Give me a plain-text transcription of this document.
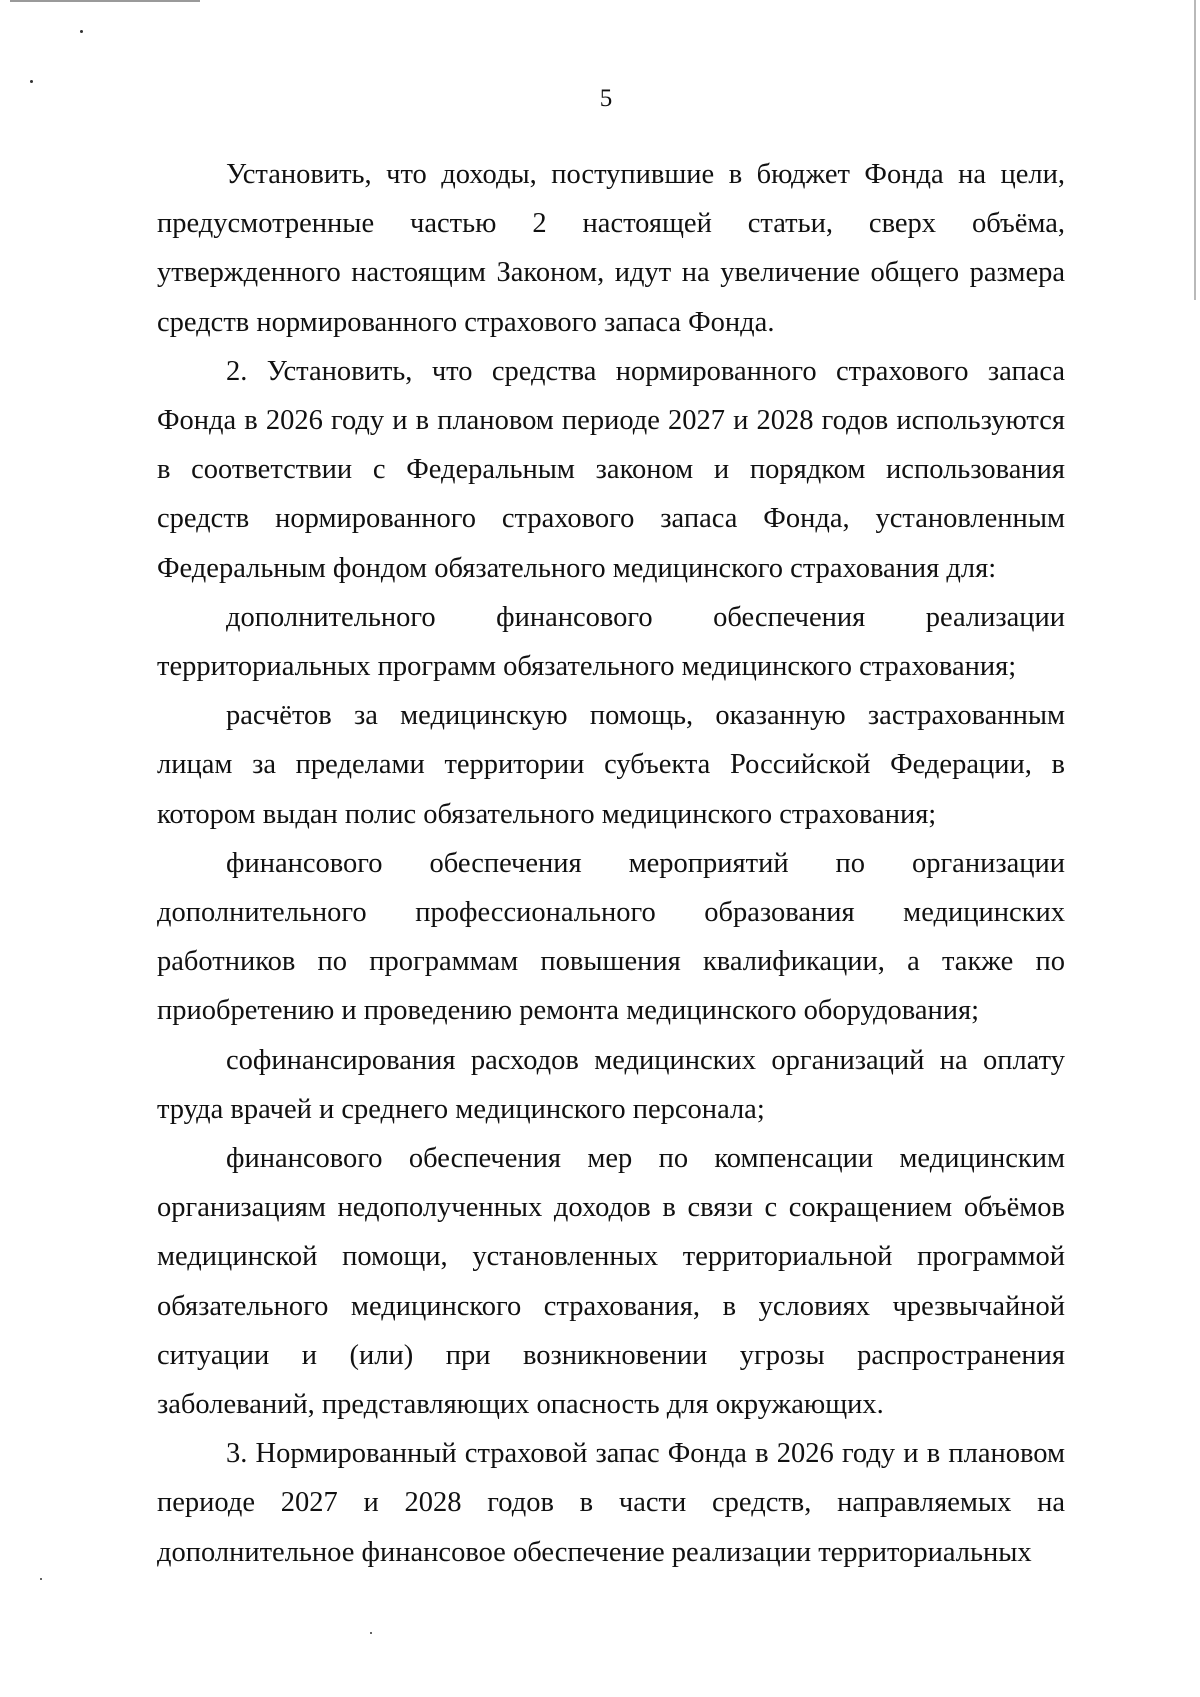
5

Установить, что доходы, поступившие в бюджет Фонда на цели, предусмотренные частью 2 настоящей статьи, сверх объёма, утвержденного настоящим Законом, идут на увеличение общего размера средств нормированного страхового запаса Фонда.

2. Установить, что средства нормированного страхового запаса Фонда в 2026 году и в плановом периоде 2027 и 2028 годов используются в соответствии с Федеральным законом и порядком использования средств нормированного страхового запаса Фонда, установленным Федеральным фондом обязательного медицинского страхования для:

дополнительного финансового обеспечения реализации территориальных программ обязательного медицинского страхования;

расчётов за медицинскую помощь, оказанную застрахованным лицам за пределами территории субъекта Российской Федерации, в котором выдан полис обязательного медицинского страхования;

финансового обеспечения мероприятий по организации дополнительного профессионального образования медицинских работников по программам повышения квалификации, а также по приобретению и проведению ремонта медицинского оборудования;

софинансирования расходов медицинских организаций на оплату труда врачей и среднего медицинского персонала;

финансового обеспечения мер по компенсации медицинским организациям недополученных доходов в связи с сокращением объёмов медицинской помощи, установленных территориальной программой обязательного медицинского страхования, в условиях чрезвычайной ситуации и (или) при возникновении угрозы распространения заболеваний, представляющих опасность для окружающих.

3. Нормированный страховой запас Фонда в 2026 году и в плановом периоде 2027 и 2028 годов в части средств, направляемых на дополнительное финансовое обеспечение реализации территориальных
